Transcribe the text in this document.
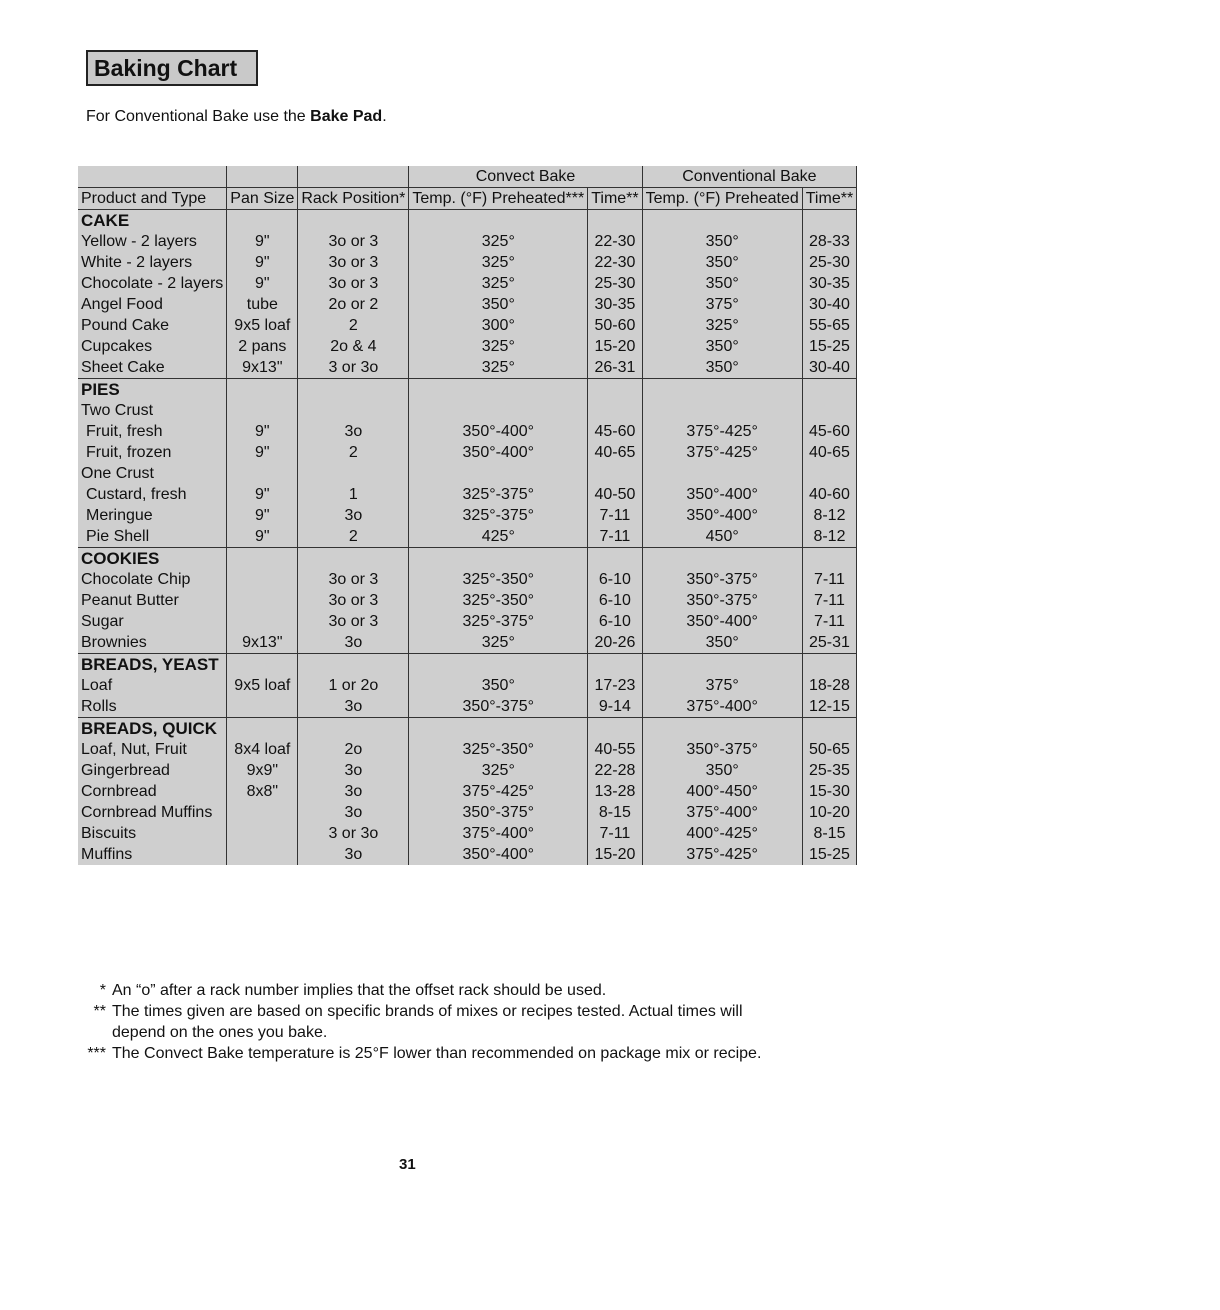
Baking Chart
For Conventional Bake use the Bake Pad.
			Convect Bake		Conventional Bake	
Product and Type	Pan Size	Rack Position*	Temp. (°F) Preheated***	Time**	Temp. (°F) Preheated	Time**
CAKE						
Yellow - 2 layers	9"	3o or 3	325°	22-30	350°	28-33
White - 2 layers	9"	3o or 3	325°	22-30	350°	25-30
Chocolate - 2 layers	9"	3o or 3	325°	25-30	350°	30-35
Angel Food	tube	2o or 2	350°	30-35	375°	30-40
Pound Cake	9x5 loaf	2	300°	50-60	325°	55-65
Cupcakes	2 pans	2o & 4	325°	15-20	350°	15-25
Sheet Cake	9x13"	3 or 3o	325°	26-31	350°	30-40
PIES						
Two Crust						
Fruit, fresh	9"	3o	350°-400°	45-60	375°-425°	45-60
Fruit, frozen	9"	2	350°-400°	40-65	375°-425°	40-65
One Crust						
Custard, fresh	9"	1	325°-375°	40-50	350°-400°	40-60
Meringue	9"	3o	325°-375°	7-11	350°-400°	8-12
Pie Shell	9"	2	425°	7-11	450°	8-12
COOKIES						
Chocolate Chip		3o or 3	325°-350°	6-10	350°-375°	7-11
Peanut Butter		3o or 3	325°-350°	6-10	350°-375°	7-11
Sugar		3o or 3	325°-375°	6-10	350°-400°	7-11
Brownies	9x13"	3o	325°	20-26	350°	25-31
BREADS, YEAST						
Loaf	9x5 loaf	1 or 2o	350°	17-23	375°	18-28
Rolls		3o	350°-375°	9-14	375°-400°	12-15
BREADS, QUICK						
Loaf, Nut, Fruit	8x4 loaf	2o	325°-350°	40-55	350°-375°	50-65
Gingerbread	9x9"	3o	325°	22-28	350°	25-35
Cornbread	8x8"	3o	375°-425°	13-28	400°-450°	15-30
Cornbread Muffins		3o	350°-375°	8-15	375°-400°	10-20
Biscuits		3 or 3o	375°-400°	7-11	400°-425°	8-15
Muffins		3o	350°-400°	15-20	375°-425°	15-25
* An “o” after a rack number implies that the offset rack should be used.
** The times given are based on specific brands of mixes or recipes tested. Actual times will depend on the ones you bake.
*** The Convect Bake temperature is 25°F lower than recommended on package mix or recipe.
31
